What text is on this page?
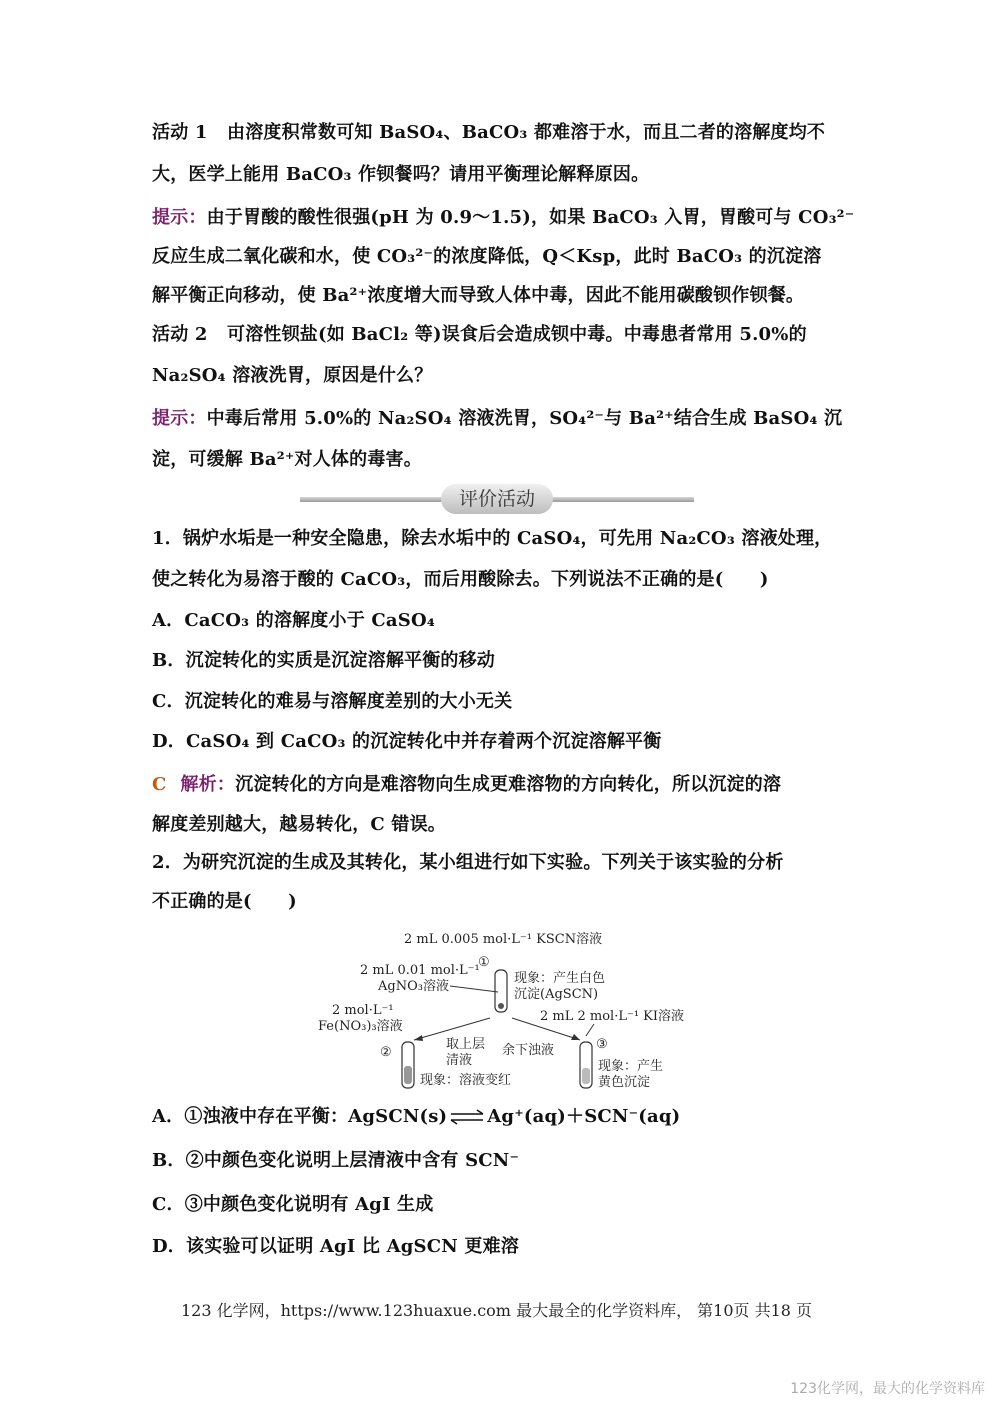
活动 1 由溶度积常数可知 BaSO₄、BaCO₃ 都难溶于水，而且二者的溶解度均不
大，医学上能用 BaCO₃ 作钡餐吗？请用平衡理论解释原因。
提示：由于胃酸的酸性很强(pH 为 0.9～1.5)，如果 BaCO₃ 入胃，胃酸可与 CO₃²⁻
反应生成二氧化碳和水，使 CO₃²⁻的浓度降低，Q＜Ksp，此时 BaCO₃ 的沉淀溶
解平衡正向移动，使 Ba²⁺浓度增大而导致人体中毒，因此不能用碳酸钡作钡餐。
活动 2 可溶性钡盐(如 BaCl₂ 等)误食后会造成钡中毒。中毒患者常用 5.0%的
Na₂SO₄ 溶液洗胃，原因是什么？
提示：中毒后常用 5.0%的 Na₂SO₄ 溶液洗胃，SO₄²⁻与 Ba²⁺结合生成 BaSO₄ 沉
淀，可缓解 Ba²⁺对人体的毒害。
评价活动
1．锅炉水垢是一种安全隐患，除去水垢中的 CaSO₄，可先用 Na₂CO₃ 溶液处理，
使之转化为易溶于酸的 CaCO₃，而后用酸除去。下列说法不正确的是(　　)
A．CaCO₃ 的溶解度小于 CaSO₄
B．沉淀转化的实质是沉淀溶解平衡的移动
C．沉淀转化的难易与溶解度差别的大小无关
D．CaSO₄ 到 CaCO₃ 的沉淀转化中并存着两个沉淀溶解平衡
C 解析：沉淀转化的方向是难溶物向生成更难溶物的方向转化，所以沉淀的溶
解度差别越大，越易转化，C 错误。
2．为研究沉淀的生成及其转化，某小组进行如下实验。下列关于该实验的分析
不正确的是(　　)
2 mL 0.005 mol·L⁻¹ KSCN溶液
2 mL 0.01 mol·L⁻¹
AgNO₃溶液
①
现象：产生白色
沉淀(AgSCN)
2 mol·L⁻¹
Fe(NO₃)₃溶液
2 mL 2 mol·L⁻¹ KI溶液
②
取上层
清液
余下浊液
现象：溶液变红
③
现象：产生
黄色沉淀
A．①浊液中存在平衡：AgSCN(s) ⇌ Ag⁺(aq)＋SCN⁻(aq)
B．②中颜色变化说明上层清液中含有 SCN⁻
C．③中颜色变化说明有 AgI 生成
D．该实验可以证明 AgI 比 AgSCN 更难溶
123 化学网，https://www.123huaxue.com 最大最全的化学资料库， 第10页 共18 页
123化学网，最大的化学资料库
